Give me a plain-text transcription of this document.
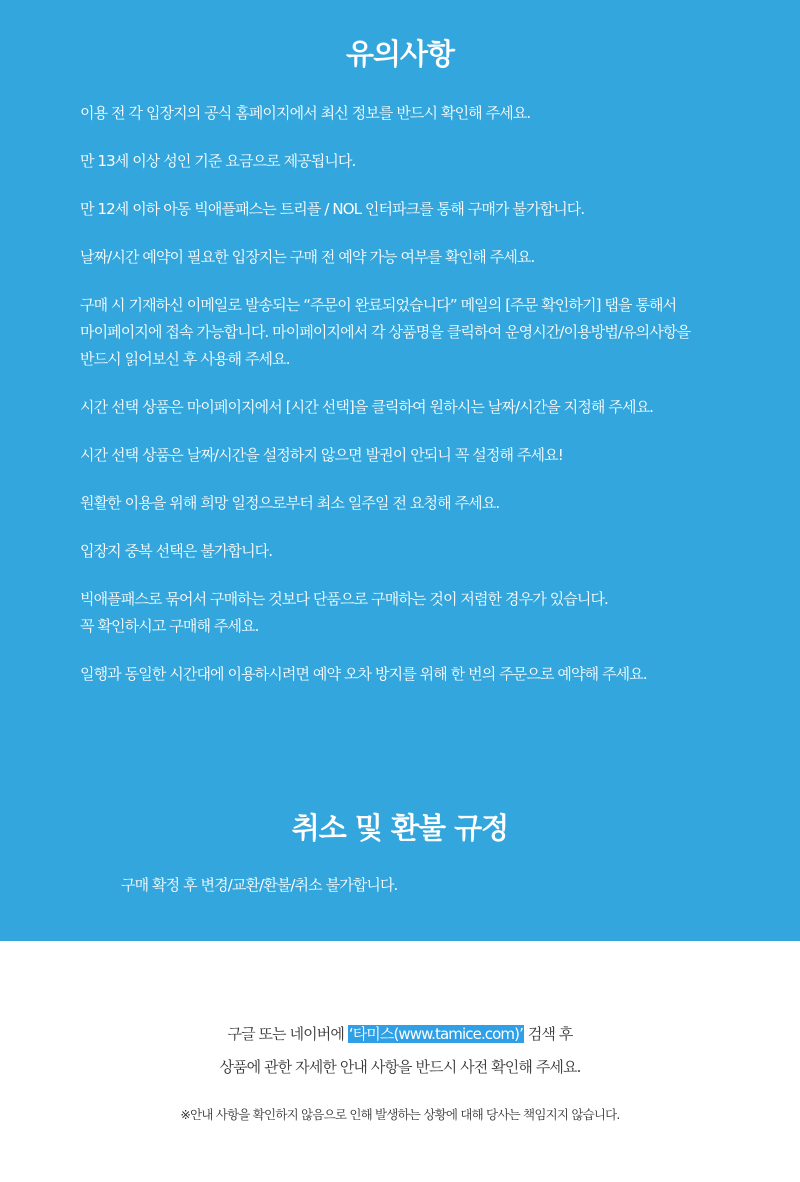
유의사항

이용 전 각 입장지의 공식 홈페이지에서 최신 정보를 반드시 확인해 주세요.

만 13세 이상 성인 기준 요금으로 제공됩니다.

만 12세 이하 아동 빅애플패스는 트리플 / NOL 인터파크를 통해 구매가 불가합니다.

날짜/시간 예약이 필요한 입장지는 구매 전 예약 가능 여부를 확인해 주세요.

구매 시 기재하신 이메일로 발송되는 “주문이 완료되었습니다” 메일의 [주문 확인하기] 탭을 통해서
마이페이지에 접속 가능합니다. 마이페이지에서 각 상품명을 클릭하여 운영시간/이용방법/유의사항을
반드시 읽어보신 후 사용해 주세요.

시간 선택 상품은 마이페이지에서 [시간 선택]을 클릭하여 원하시는 날짜/시간을 지정해 주세요.

시간 선택 상품은 날짜/시간을 설정하지 않으면 발권이 안되니 꼭 설정해 주세요!

원활한 이용을 위해 희망 일정으로부터 최소 일주일 전 요청해 주세요.

입장지 중복 선택은 불가합니다.

빅애플패스로 묶어서 구매하는 것보다 단품으로 구매하는 것이 저렴한 경우가 있습니다.
꼭 확인하시고 구매해 주세요.

일행과 동일한 시간대에 이용하시려면 예약 오차 방지를 위해 한 번의 주문으로 예약해 주세요.

취소 및 환불 규정
구매 확정 후 변경/교환/환불/취소 불가합니다.
구글 또는 네이버에 ‘타미스(www.tamice.com)’ 검색 후
상품에 관한 자세한 안내 사항을 반드시 사전 확인해 주세요.
※안내 사항을 확인하지 않음으로 인해 발생하는 상황에 대해 당사는 책임지지 않습니다.
